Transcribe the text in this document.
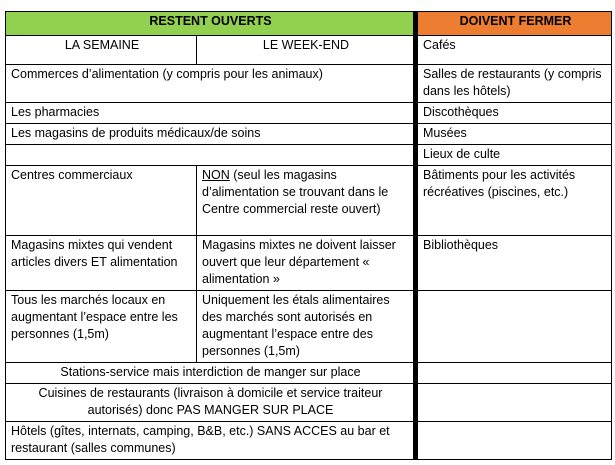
RESTENT OUVERTS		DOIVENT FERMER
LA SEMAINE	LE WEEK-END	Cafés
Commerces d’alimentation (y compris pour les animaux)		Salles de restaurants (y compris dans les hôtels)
Les pharmacies		Discothèques
Les magasins de produits médicaux/de soins		Musées
		Lieux de culte
Centres commerciaux	NON (seul les magasins d’alimentation se trouvant dans le Centre commercial reste ouvert)	Bâtiments pour les activités récréatives (piscines, etc.)
Magasins mixtes qui vendent articles divers ET alimentation	Magasins mixtes ne doivent laisser ouvert que leur département « alimentation »	Bibliothèques
Tous les marchés locaux en augmentant l’espace entre les personnes (1,5m)	Uniquement les étals alimentaires des marchés sont autorisés en augmentant l’espace entre des personnes (1,5m)	
Stations-service mais interdiction de manger sur place		
Cuisines de restaurants (livraison à domicile et service traiteur autorisés) donc PAS MANGER SUR PLACE		
Hôtels (gîtes, internats, camping, B&B, etc.) SANS ACCES au bar et restaurant (salles communes)		
